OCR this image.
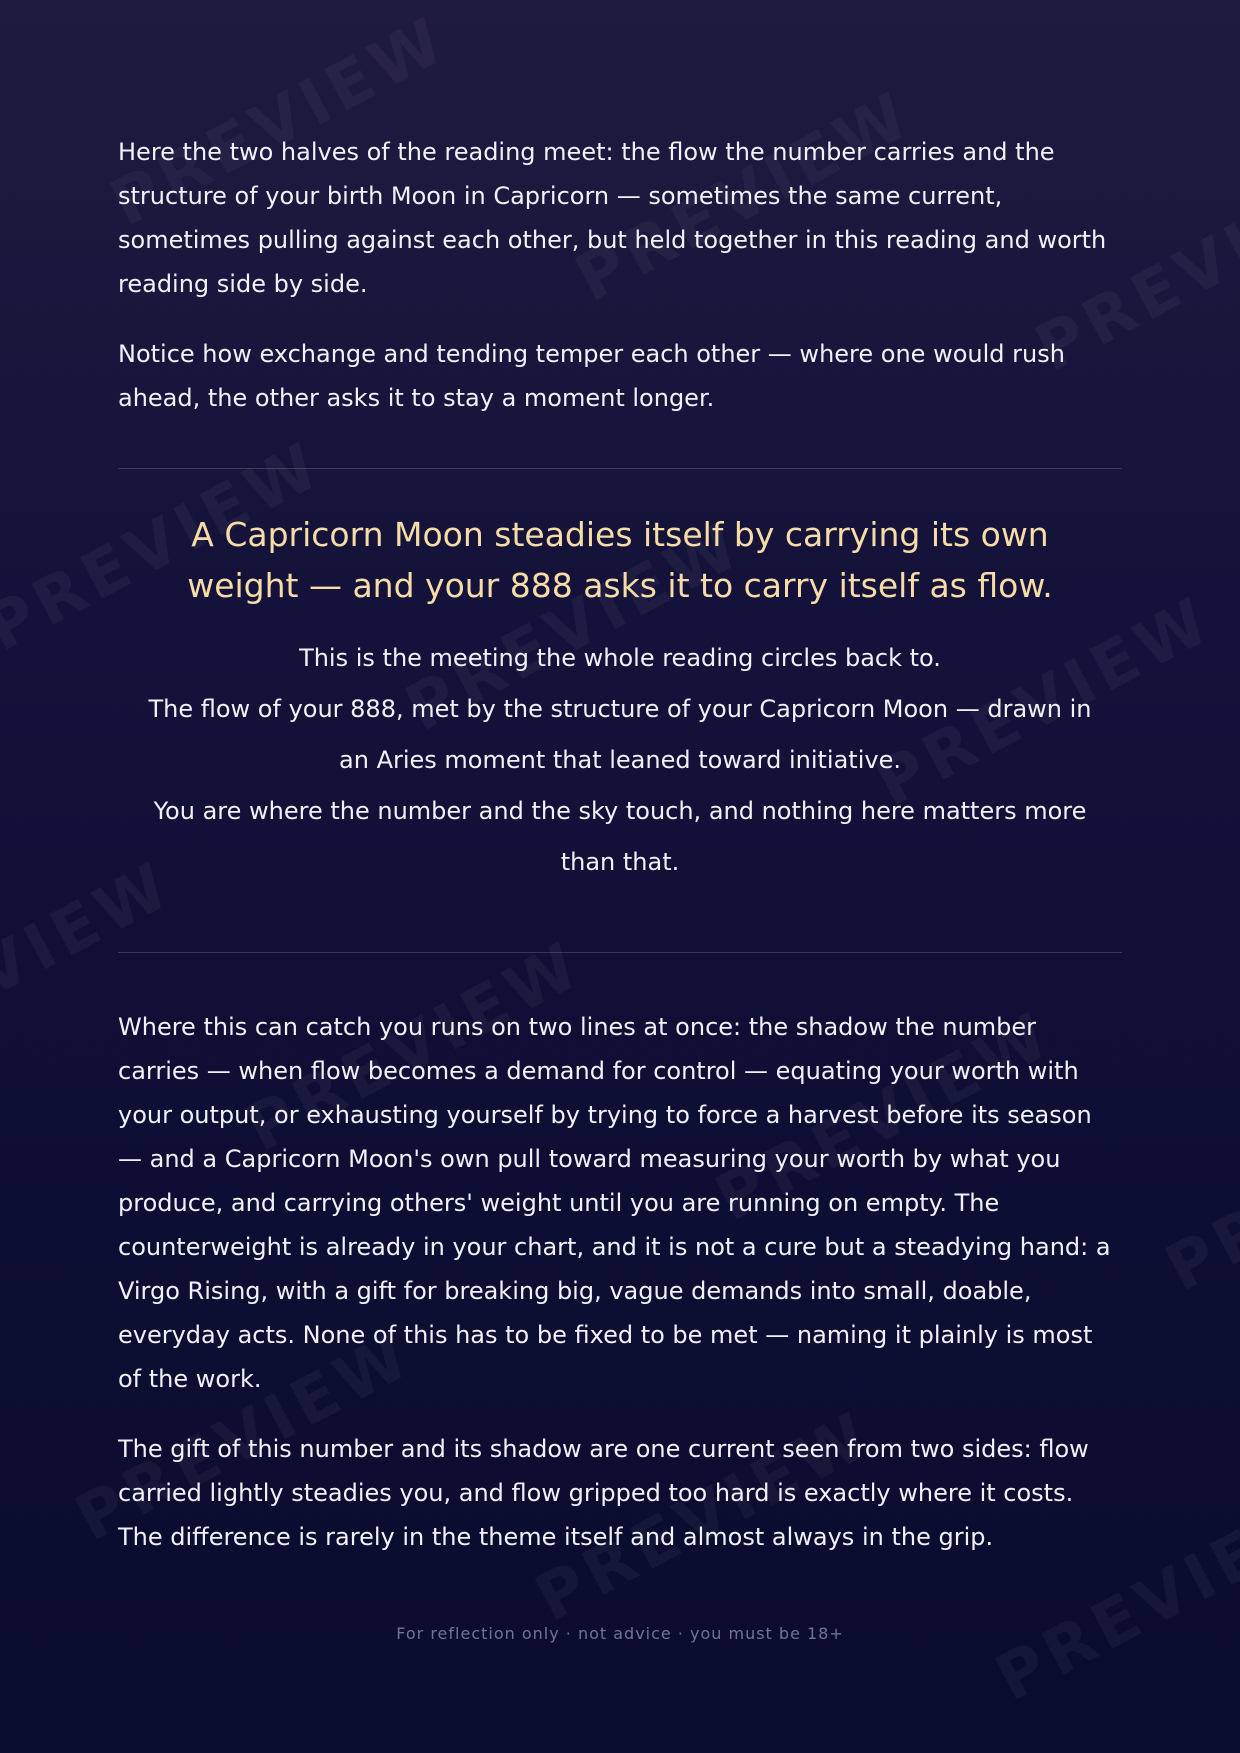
Here the two halves of the reading meet: the flow the number carries and the structure of your birth Moon in Capricorn — sometimes the same current, sometimes pulling against each other, but held together in this reading and worth reading side by side.

Notice how exchange and tending temper each other — where one would rush ahead, the other asks it to stay a moment longer.

A Capricorn Moon steadies itself by carrying its own weight — and your 888 asks it to carry itself as flow.

This is the meeting the whole reading circles back to.

The flow of your 888, met by the structure of your Capricorn Moon — drawn in an Aries moment that leaned toward initiative.

You are where the number and the sky touch, and nothing here matters more than that.

Where this can catch you runs on two lines at once: the shadow the number carries — when flow becomes a demand for control — equating your worth with your output, or exhausting yourself by trying to force a harvest before its season — and a Capricorn Moon's own pull toward measuring your worth by what you produce, and carrying others' weight until you are running on empty. The counterweight is already in your chart, and it is not a cure but a steadying hand: a Virgo Rising, with a gift for breaking big, vague demands into small, doable, everyday acts. None of this has to be fixed to be met — naming it plainly is most of the work.

The gift of this number and its shadow are one current seen from two sides: flow carried lightly steadies you, and flow gripped too hard is exactly where it costs. The difference is rarely in the theme itself and almost always in the grip.

For reflection only · not advice · you must be 18+
